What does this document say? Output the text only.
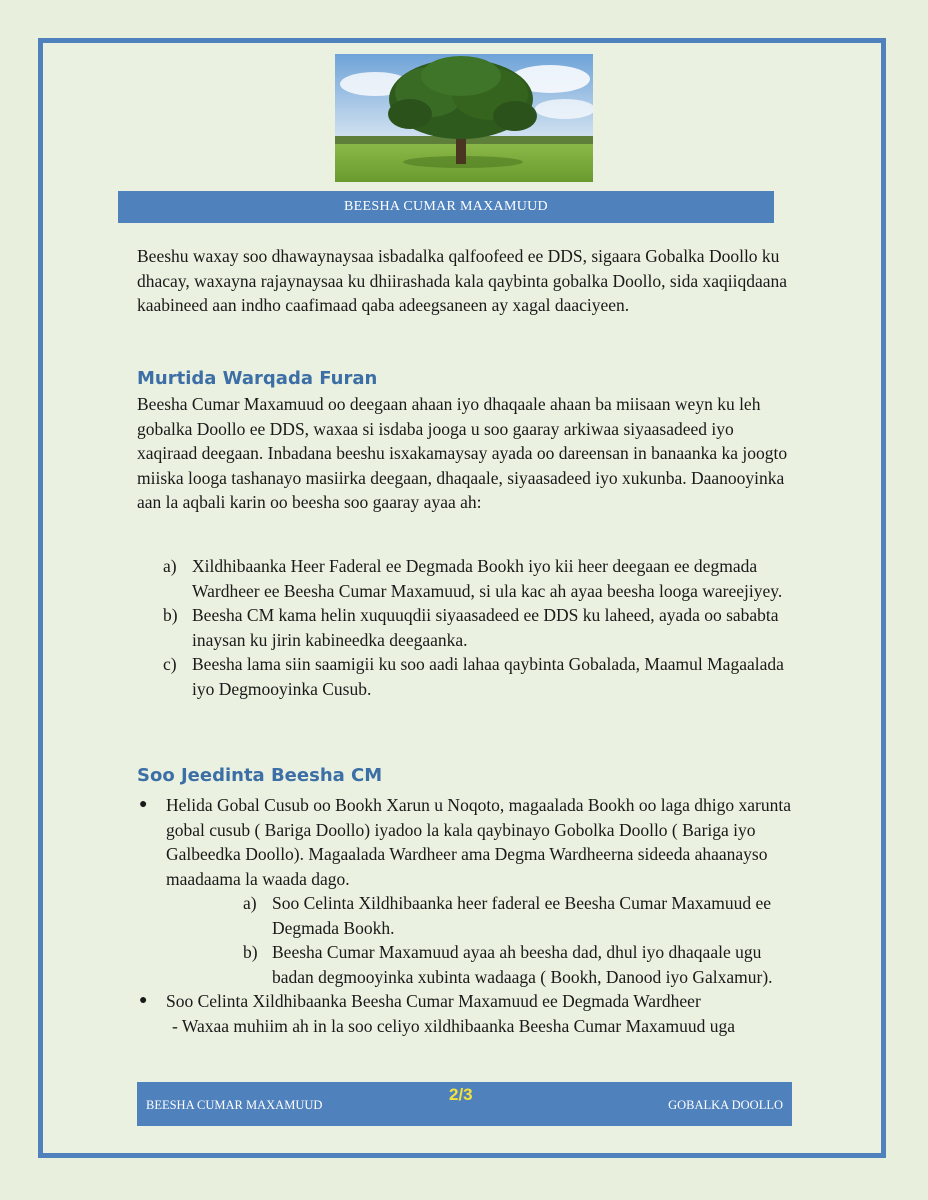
BEESHA CUMAR MAXAMUUD
Beeshu waxay soo dhawaynaysaa isbadalka qalfoofeed ee DDS, sigaara Gobalka Doollo ku dhacay, waxayna rajaynaysaa ku dhiirashada kala qaybinta gobalka Doollo, sida xaqiiqdaana kaabineed aan indho caafimaad qaba adeegsaneen ay xagal daaciyeen.
Murtida Warqada Furan
Beesha Cumar Maxamuud oo deegaan ahaan iyo dhaqaale ahaan ba miisaan weyn ku leh gobalka Doollo ee DDS, waxaa si isdaba jooga u soo gaaray arkiwaa siyaasadeed iyo xaqiraad deegaan. Inbadana beeshu isxakamaysay ayada oo dareensan in banaanka ka joogto miiska looga tashanayo masiirka deegaan, dhaqaale, siyaasadeed iyo xukunba. Daanooyinka aan la aqbali karin oo beesha soo gaaray ayaa ah:
a) Xildhibaanka Heer Faderal ee Degmada Bookh iyo kii heer deegaan ee degmada Wardheer ee Beesha Cumar Maxamuud, si ula kac ah ayaa beesha looga wareejiyey.
b) Beesha CM kama helin xuquuqdii siyaasadeed ee DDS ku laheed, ayada oo sababta inaysan ku jirin kabineedka deegaanka.
c) Beesha lama siin saamigii ku soo aadi lahaa qaybinta Gobalada, Maamul Magaalada iyo Degmooyinka Cusub.
Soo Jeedinta Beesha CM
●	Helida Gobal Cusub oo Bookh Xarun u Noqoto, magaalada Bookh oo laga dhigo xarunta gobal cusub ( Bariga Doollo) iyadoo la kala qaybinayo Gobolka Doollo ( Bariga iyo Galbeedka Doollo). Magaalada Wardheer ama Degma Wardheerna sideeda ahaanayso maadaama la waada dago.
a) Soo Celinta Xildhibaanka heer faderal ee Beesha Cumar Maxamuud ee Degmada Bookh.
b) Beesha Cumar Maxamuud ayaa ah beesha dad, dhul iyo dhaqaale ugu badan degmooyinka xubinta wadaaga ( Bookh, Danood iyo Galxamur).
●	Soo Celinta Xildhibaanka Beesha Cumar Maxamuud ee Degmada Wardheer
- Waxaa muhiim ah in la soo celiyo xildhibaanka Beesha Cumar Maxamuud uga
BEESHA CUMAR MAXAMUUD
2/3
GOBALKA DOOLLO
